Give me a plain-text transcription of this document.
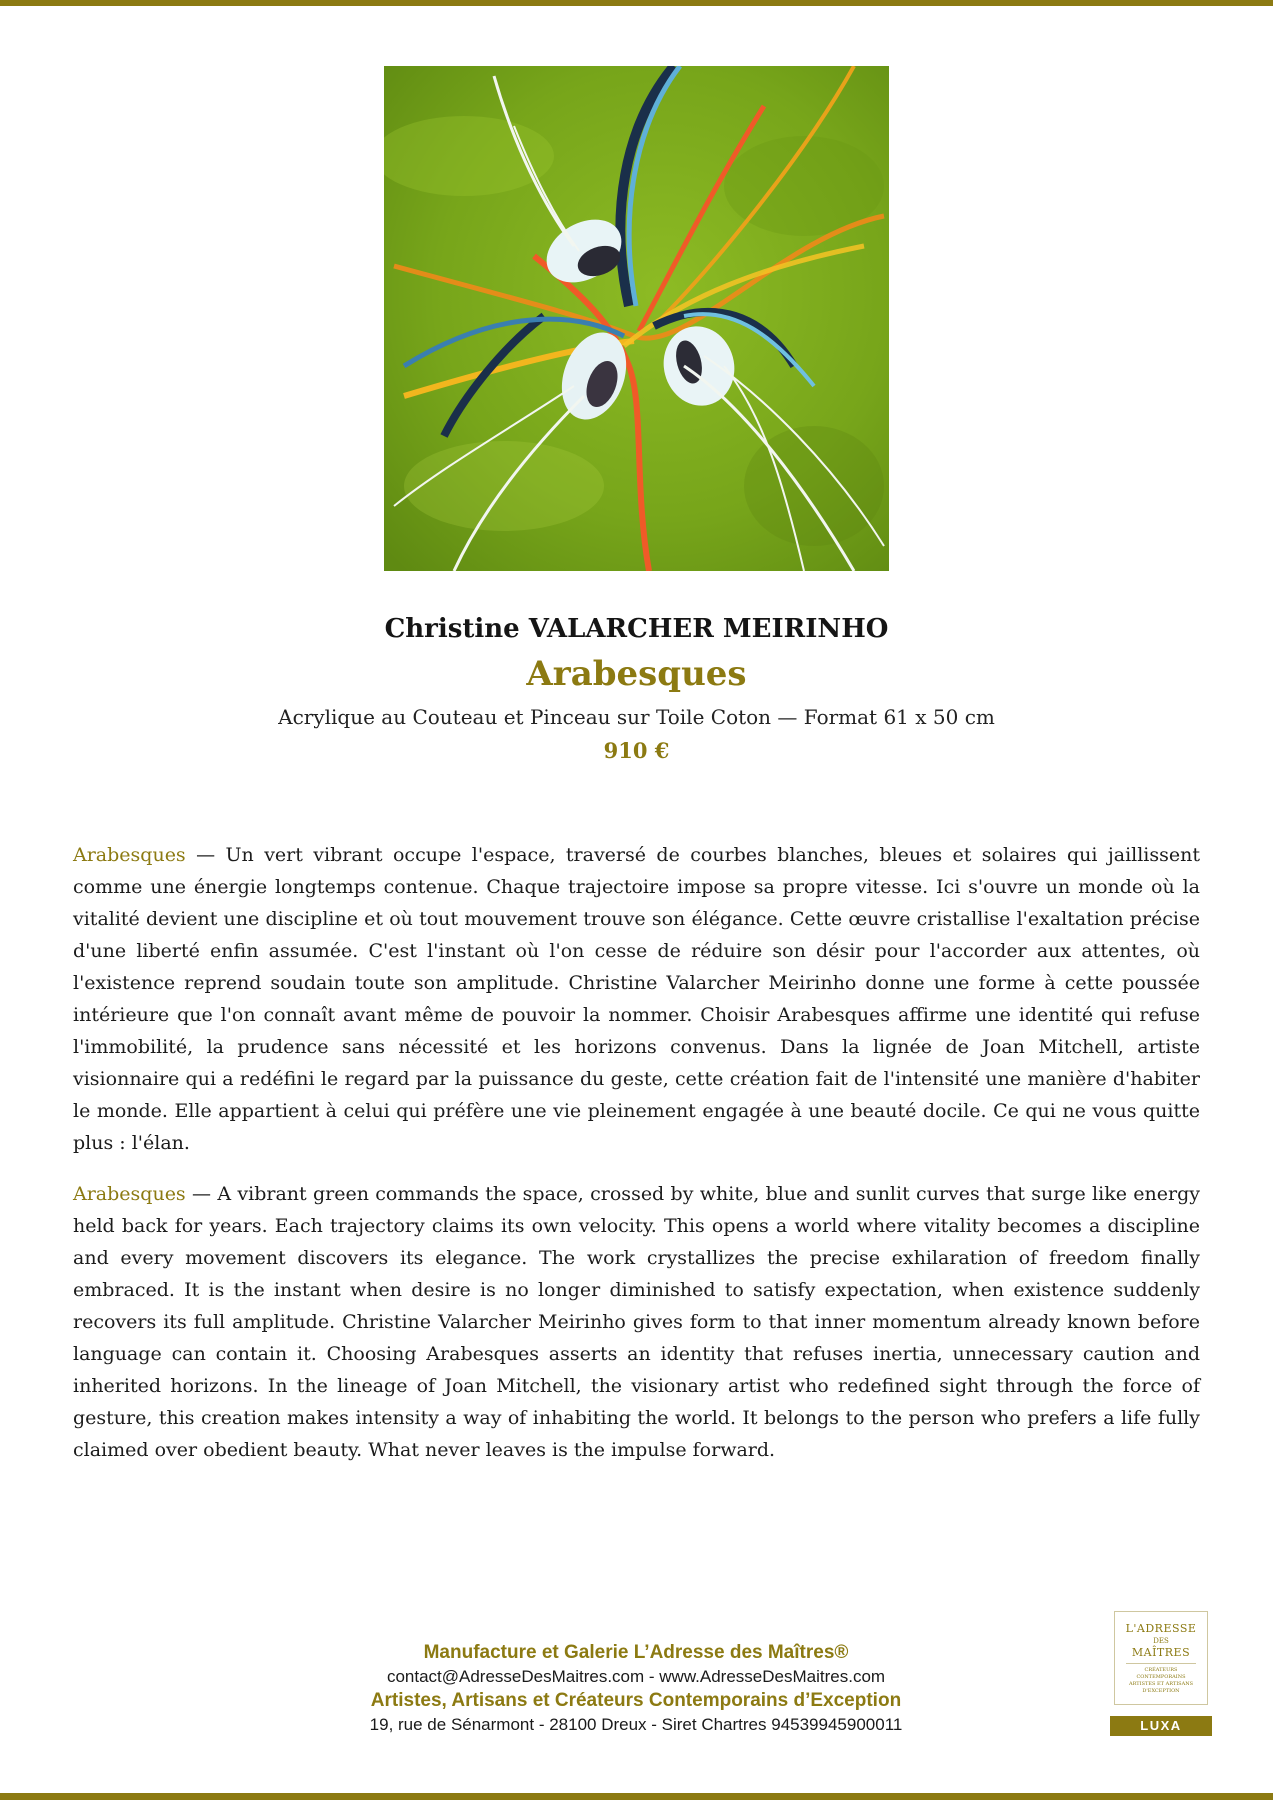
Christine VALARCHER MEIRINHO
Arabesques
Acrylique au Couteau et Pinceau sur Toile Coton — Format 61 x 50 cm
910 €

Arabesques — Un vert vibrant occupe l'espace, traversé de courbes blanches, bleues et solaires qui jaillissent comme une énergie longtemps contenue. Chaque trajectoire impose sa propre vitesse. Ici s'ouvre un monde où la vitalité devient une discipline et où tout mouvement trouve son élégance. Cette œuvre cristallise l'exaltation précise d'une liberté enfin assumée. C'est l'instant où l'on cesse de réduire son désir pour l'accorder aux attentes, où l'existence reprend soudain toute son amplitude. Christine Valarcher Meirinho donne une forme à cette poussée intérieure que l'on connaît avant même de pouvoir la nommer. Choisir Arabesques affirme une identité qui refuse l'immobilité, la prudence sans nécessité et les horizons convenus. Dans la lignée de Joan Mitchell, artiste visionnaire qui a redéfini le regard par la puissance du geste, cette création fait de l'intensité une manière d'habiter le monde. Elle appartient à celui qui préfère une vie pleinement engagée à une beauté docile. Ce qui ne vous quitte plus : l'élan.

Arabesques — A vibrant green commands the space, crossed by white, blue and sunlit curves that surge like energy held back for years. Each trajectory claims its own velocity. This opens a world where vitality becomes a discipline and every movement discovers its elegance. The work crystallizes the precise exhilaration of freedom finally embraced. It is the instant when desire is no longer diminished to satisfy expectation, when existence suddenly recovers its full amplitude. Christine Valarcher Meirinho gives form to that inner momentum already known before language can contain it. Choosing Arabesques asserts an identity that refuses inertia, unnecessary caution and inherited horizons. In the lineage of Joan Mitchell, the visionary artist who redefined sight through the force of gesture, this creation makes intensity a way of inhabiting the world. It belongs to the person who prefers a life fully claimed over obedient beauty. What never leaves is the impulse forward.

Manufacture et Galerie L’Adresse des Maîtres®
contact@AdresseDesMaitres.com - www.AdresseDesMaitres.com
Artistes, Artisans et Créateurs Contemporains d’Exception
19, rue de Sénarmont - 28100 Dreux - Siret Chartres 94539945900011
L'ADRESSE
DES
MAÎTRES
CRÉATEURS CONTEMPORAINS ARTISTES ET ARTISANS D'EXCEPTION
LUXA
